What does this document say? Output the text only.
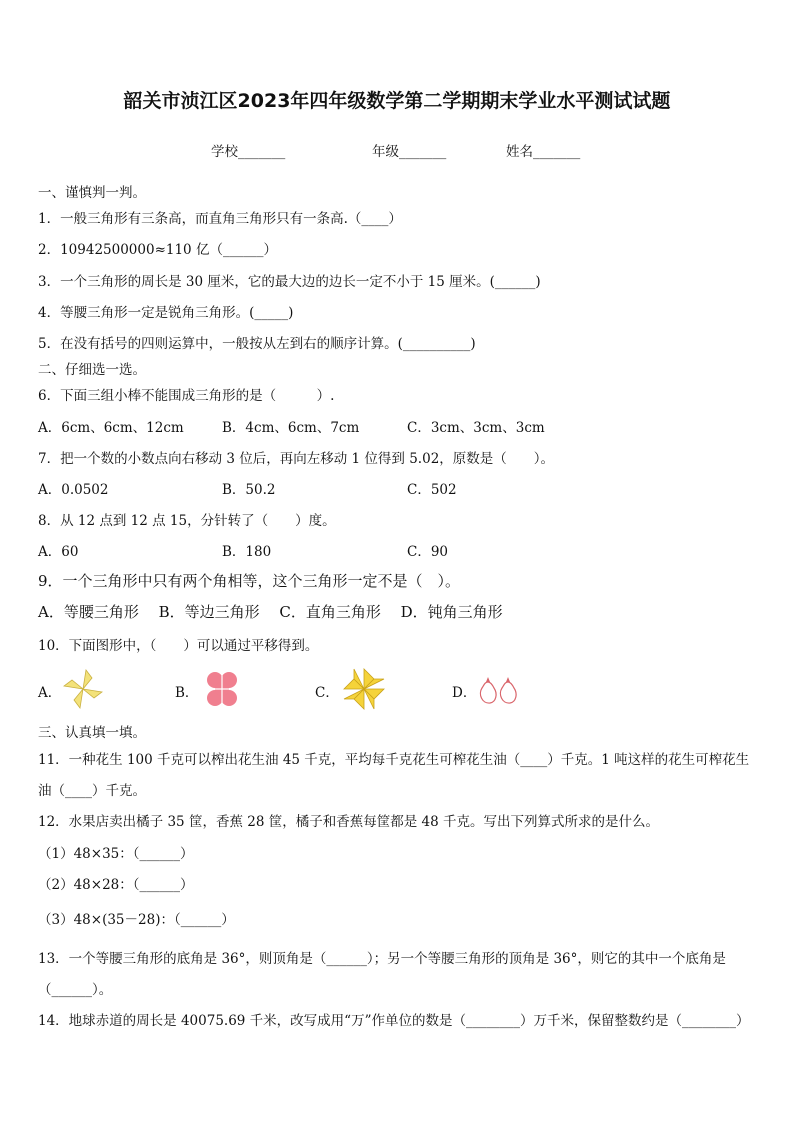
韶关市浈江区2023年四年级数学第二学期期末学业水平测试试题
学校_______	年级_______	姓名_______
一、谨慎判一判。
1．一般三角形有三条高，而直角三角形只有一条高.（____）
2．10942500000≈110 亿（______）
3．一个三角形的周长是 30 厘米，它的最大边的边长一定不小于 15 厘米。(______)
4．等腰三角形一定是锐角三角形。(_____)
5．在没有括号的四则运算中，一般按从左到右的顺序计算。(__________)
二、仔细选一选。
6．下面三组小棒不能围成三角形的是（　　　）.
A．6cm、6cm、12cm	B．4cm、6cm、7cm	C．3cm、3cm、3cm
7．把一个数的小数点向右移动 3 位后，再向左移动 1 位得到 5.02，原数是（　　）。
A．0.0502	B．50.2	C．502
8．从 12 点到 12 点 15，分针转了（　　）度。
A．60	B．180	C．90
9．一个三角形中只有两个角相等，这个三角形一定不是（　）。
A．等腰三角形　 B．等边三角形　 C．直角三角形　 D．钝角三角形
10．下面图形中，（　　）可以通过平移得到。
A．	B．	C．	D．
三、认真填一填。
11．一种花生 100 千克可以榨出花生油 45 千克，平均每千克花生可榨花生油（____）千克。1 吨这样的花生可榨花生
油（____）千克。
12．水果店卖出橘子 35 筐，香蕉 28 筐，橘子和香蕉每筐都是 48 千克。写出下列算式所求的是什么。
（1）48×35：（______）
（2）48×28：（______）
（3）48×(35－28)：（______）
13．一个等腰三角形的底角是 36°，则顶角是（______）；另一个等腰三角形的顶角是 36°，则它的其中一个底角是
（______）。
14．地球赤道的周长是 40075.69 千米，改写成用“万”作单位的数是（________）万千米，保留整数约是（________）
